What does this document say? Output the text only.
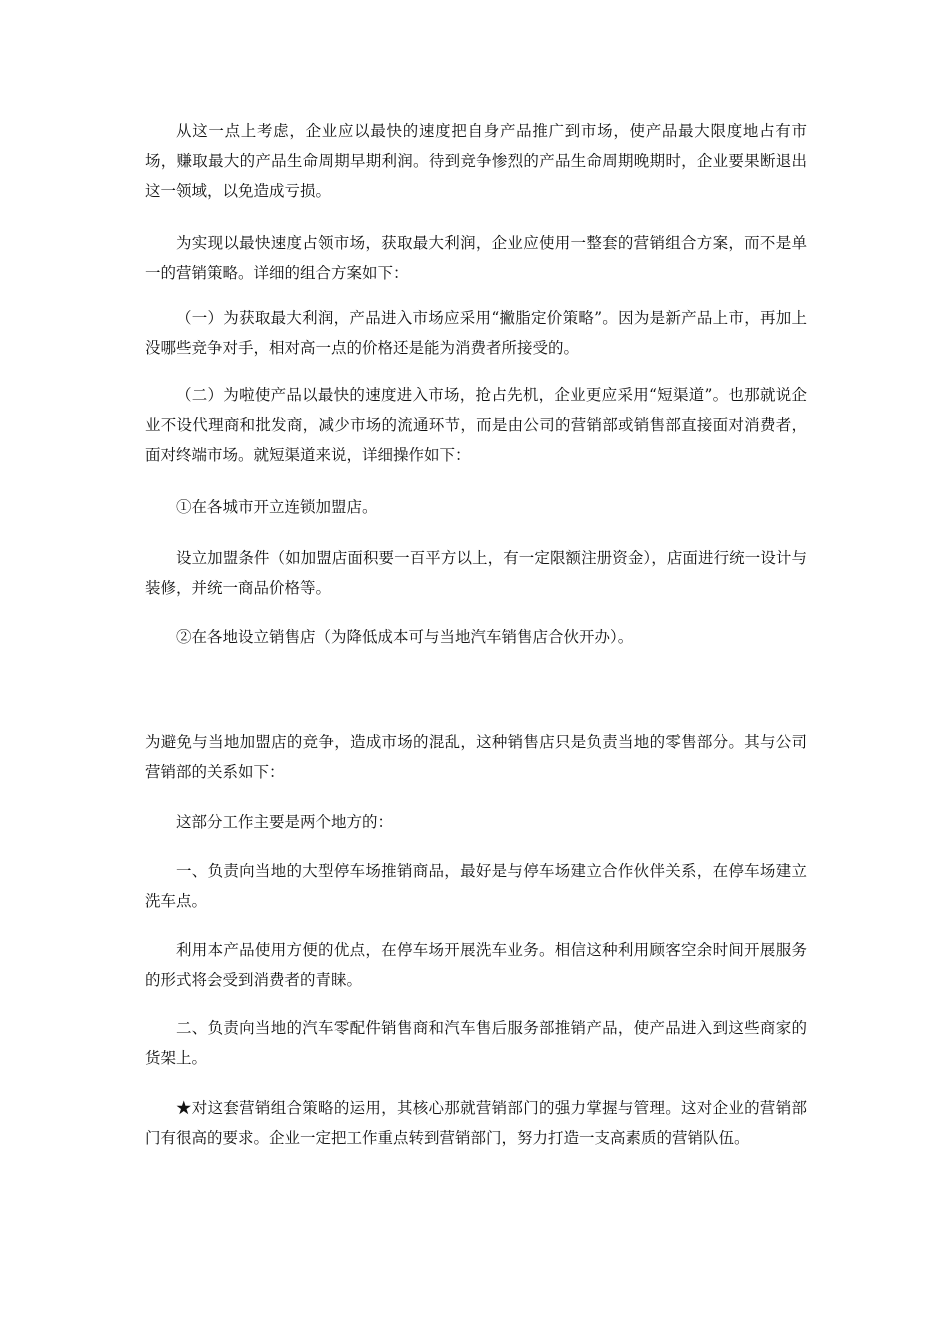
从这一点上考虑，企业应以最快的速度把自身产品推广到市场，使产品最大限度地占有市场，赚取最大的产品生命周期早期利润。待到竞争惨烈的产品生命周期晚期时，企业要果断退出这一领域，以免造成亏损。

为实现以最快速度占领市场，获取最大利润，企业应使用一整套的营销组合方案，而不是单一的营销策略。详细的组合方案如下：

（一）为获取最大利润，产品进入市场应采用“撇脂定价策略”。因为是新产品上市，再加上没哪些竞争对手，相对高一点的价格还是能为消费者所接受的。

（二）为啦使产品以最快的速度进入市场，抢占先机，企业更应采用“短渠道”。也那就说企业不设代理商和批发商，减少市场的流通环节，而是由公司的营销部或销售部直接面对消费者，面对终端市场。就短渠道来说，详细操作如下：

①在各城市开立连锁加盟店。

设立加盟条件（如加盟店面积要一百平方以上，有一定限额注册资金），店面进行统一设计与装修，并统一商品价格等。

②在各地设立销售店（为降低成本可与当地汽车销售店合伙开办）。

为避免与当地加盟店的竞争，造成市场的混乱，这种销售店只是负责当地的零售部分。其与公司营销部的关系如下：

这部分工作主要是两个地方的：

一、负责向当地的大型停车场推销商品，最好是与停车场建立合作伙伴关系，在停车场建立洗车点。

利用本产品使用方便的优点，在停车场开展洗车业务。相信这种利用顾客空余时间开展服务的形式将会受到消费者的青睐。

二、负责向当地的汽车零配件销售商和汽车售后服务部推销产品，使产品进入到这些商家的货架上。

★对这套营销组合策略的运用，其核心那就营销部门的强力掌握与管理。这对企业的营销部门有很高的要求。企业一定把工作重点转到营销部门，努力打造一支高素质的营销队伍。
